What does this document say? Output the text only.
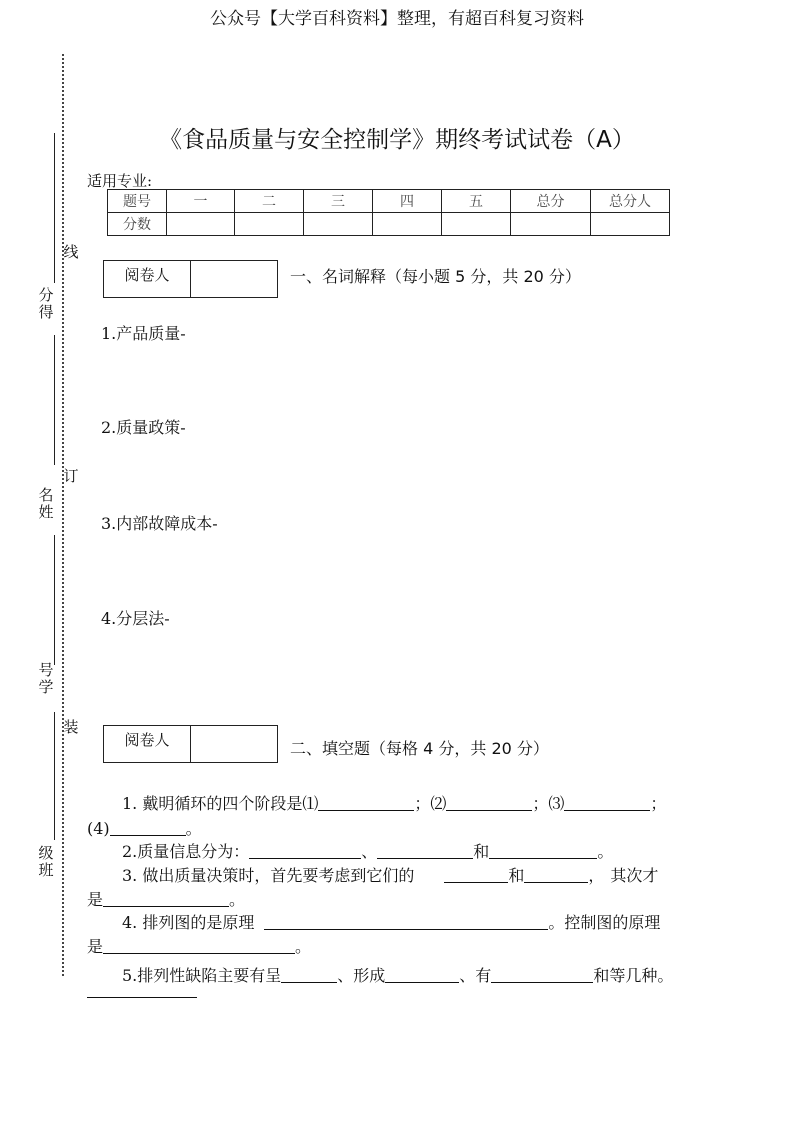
公众号【大学百科资料】整理，有超百科复习资料
线
订
装
分
得
名
姓
号
学
级
班
《食品质量与安全控制学》期终考试试卷（A）
适用专业:
题号	一	二	三	四	五	总分	总分人
分数							
阅卷人	一、名词解释（每小题 5 分，共 20 分）
1.产品质量-
2.质量政策-
3.内部故障成本-
4.分层法-
阅卷人	二、填空题（每格 4 分，共 20 分）
1. 戴明循环的四个阶段是⑴	；⑵	；⑶	；
(4)	。
2.质量信息分为：	、	和	。
3. 做出质量决策时，首先要考虑到它们的	和	， 其次才
是	。
4. 排列图的是原理	。控制图的原理
是	。
5.排列性缺陷主要有呈	、形成	、有	和等几种。
